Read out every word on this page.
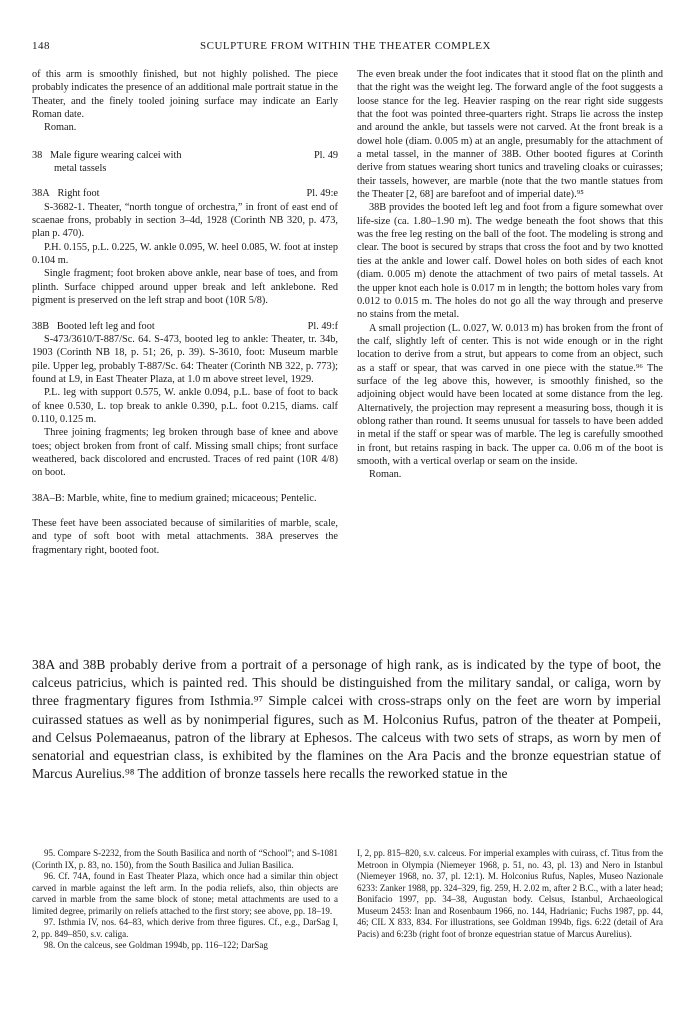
148	SCULPTURE FROM WITHIN THE THEATER COMPLEX

of this arm is smoothly finished, but not highly polished. The piece probably indicates the presence of an additional male portrait statue in the Theater, and the finely tooled joining surface may indicate an Early Roman date.

Roman.

38 Male figure wearing calcei with
metal tassels
Pl. 49
38A Right foot	Pl. 49:e

S-3682-1. Theater, “north tongue of orchestra,” in front of east end of scaenae frons, probably in section 3–4d, 1928 (Corinth NB 320, p. 473, plan p. 470).

P.H. 0.155, p.L. 0.225, W. ankle 0.095, W. heel 0.085, W. foot at instep 0.104 m.

Single fragment; foot broken above ankle, near base of toes, and from plinth. Surface chipped around upper break and left anklebone. Red pigment is preserved on the left strap and boot (10R 5/8).

38B Booted left leg and foot	Pl. 49:f

S-473/3610/T-887/Sc. 64. S-473, booted leg to ankle: Theater, tr. 34b, 1903 (Corinth NB 18, p. 51; 26, p. 39). S-3610, foot: Museum marble pile. Upper leg, probably T-887/Sc. 64: Theater (Corinth NB 322, p. 773); found at L9, in East Theater Plaza, at 1.0 m above street level, 1929.

P.L. leg with support 0.575, W. ankle 0.094, p.L. base of foot to back of knee 0.530, L. top break to ankle 0.390, p.L. foot 0.215, diams. calf 0.110, 0.125 m.

Three joining fragments; leg broken through base of knee and above toes; object broken from front of calf. Missing small chips; front surface weathered, back discolored and encrusted. Traces of red paint (10R 4/8) on boot.

38A–B: Marble, white, fine to medium grained; micaceous; Pentelic.

These feet have been associated because of similarities of marble, scale, and type of soft boot with metal attachments. 38A preserves the fragmentary right, booted foot.

The even break under the foot indicates that it stood flat on the plinth and that the right was the weight leg. The forward angle of the foot suggests a loose stance for the leg. Heavier rasping on the rear right side suggests that the foot was pointed three-quarters right. Straps lie across the instep and around the ankle, but tassels were not carved. At the front break is a dowel hole (diam. 0.005 m) at an angle, presumably for the attachment of a metal tassel, in the manner of 38B. Other booted figures at Corinth derive from statues wearing short tunics and traveling cloaks or cuirasses; their tassels, however, are marble (note that the two mantle statues from the Theater [2, 68] are barefoot and of imperial date).⁹⁵

38B provides the booted left leg and foot from a figure somewhat over life-size (ca. 1.80–1.90 m). The wedge beneath the foot shows that this was the free leg resting on the ball of the foot. The modeling is strong and clear. The boot is secured by straps that cross the foot and by two knotted ties at the ankle and lower calf. Dowel holes on both sides of each knot (diam. 0.005 m) denote the attachment of two pairs of metal tassels. At the upper knot each hole is 0.017 m in length; the bottom holes vary from 0.012 to 0.015 m. The holes do not go all the way through and preserve no stains from the metal.

A small projection (L. 0.027, W. 0.013 m) has broken from the front of the calf, slightly left of center. This is not wide enough or in the right location to derive from a strut, but appears to come from an object, such as a staff or spear, that was carved in one piece with the statue.⁹⁶ The surface of the leg above this, however, is smoothly finished, so the adjoining object would have been located at some distance from the leg. Alternatively, the projection may represent a measuring boss, though it is oblong rather than round. It seems unusual for tassels to have been added in metal if the staff or spear was of marble. The leg is carefully smoothed in front, but retains rasping in back. The upper ca. 0.06 m of the boot is smooth, with a vertical overlap or seam on the inside.

Roman.

38A and 38B probably derive from a portrait of a personage of high rank, as is indicated by the type of boot, the calceus patricius, which is painted red. This should be distinguished from the military sandal, or caliga, worn by three fragmentary figures from Isthmia.⁹⁷ Simple calcei with cross-straps only on the feet are worn by imperial cuirassed statues as well as by nonimperial figures, such as M. Holconius Rufus, patron of the theater at Pompeii, and Celsus Polemaeanus, patron of the library at Ephesos. The calceus with two sets of straps, as worn by men of senatorial and equestrian class, is exhibited by the flamines on the Ara Pacis and the bronze equestrian statue of Marcus Aurelius.⁹⁸ The addition of bronze tassels here recalls the reworked statue in the

95. Compare S-2232, from the South Basilica and north of “School”; and S-1081 (Corinth IX, p. 83, no. 150), from the South Basilica and Julian Basilica.

96. Cf. 74A, found in East Theater Plaza, which once had a similar thin object carved in marble against the left arm. In the podia reliefs, also, thin objects are carved in marble from the same block of stone; metal attachments are used to a limited degree, primarily on reliefs attached to the first story; see above, pp. 18–19.

97. Isthmia IV, nos. 64–83, which derive from three figures. Cf., e.g., DarSag I, 2, pp. 849–850, s.v. caliga.

98. On the calceus, see Goldman 1994b, pp. 116–122; DarSag

I, 2, pp. 815–820, s.v. calceus. For imperial examples with cuirass, cf. Titus from the Metroon in Olympia (Niemeyer 1968, p. 51, no. 43, pl. 13) and Nero in Istanbul (Niemeyer 1968, no. 37, pl. 12:1). M. Holconius Rufus, Naples, Museo Nazionale 6233: Zanker 1988, pp. 324–329, fig. 259, H. 2.02 m, after 2 B.C., with a later head; Bonifacio 1997, pp. 34–38, Augustan body. Celsus, Istanbul, Archaeological Museum 2453: Inan and Rosenbaum 1966, no. 144, Hadrianic; Fuchs 1987, pp. 44, 46; CIL X 833, 834. For illustrations, see Goldman 1994b, figs. 6:22 (detail of Ara Pacis) and 6:23b (right foot of bronze equestrian statue of Marcus Aurelius).
